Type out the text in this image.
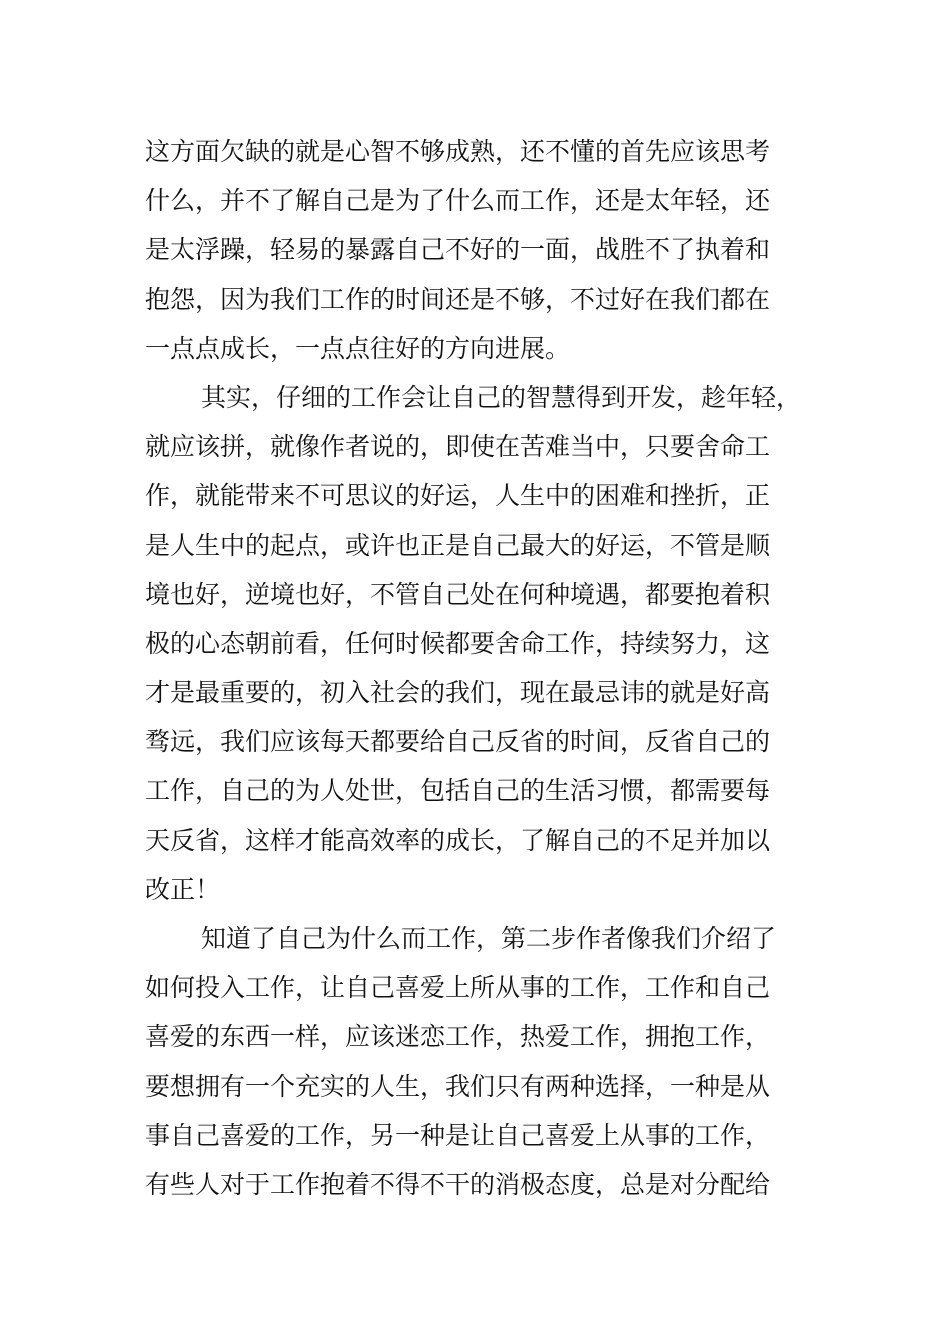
这方面欠缺的就是心智不够成熟，还不懂的首先应该思考
什么，并不了解自己是为了什么而工作，还是太年轻，还
是太浮躁，轻易的暴露自己不好的一面，战胜不了执着和
抱怨，因为我们工作的时间还是不够，不过好在我们都在
一点点成长，一点点往好的方向进展。
其实，仔细的工作会让自己的智慧得到开发，趁年轻，
就应该拼，就像作者说的，即使在苦难当中，只要舍命工
作，就能带来不可思议的好运，人生中的困难和挫折，正
是人生中的起点，或许也正是自己最大的好运，不管是顺
境也好，逆境也好，不管自己处在何种境遇，都要抱着积
极的心态朝前看，任何时候都要舍命工作，持续努力，这
才是最重要的，初入社会的我们，现在最忌讳的就是好高
骛远，我们应该每天都要给自己反省的时间，反省自己的
工作，自己的为人处世，包括自己的生活习惯，都需要每
天反省，这样才能高效率的成长，了解自己的不足并加以
改正！
知道了自己为什么而工作，第二步作者像我们介绍了
如何投入工作，让自己喜爱上所从事的工作，工作和自己
喜爱的东西一样，应该迷恋工作，热爱工作，拥抱工作，
要想拥有一个充实的人生，我们只有两种选择，一种是从
事自己喜爱的工作，另一种是让自己喜爱上从事的工作，
有些人对于工作抱着不得不干的消极态度，总是对分配给
